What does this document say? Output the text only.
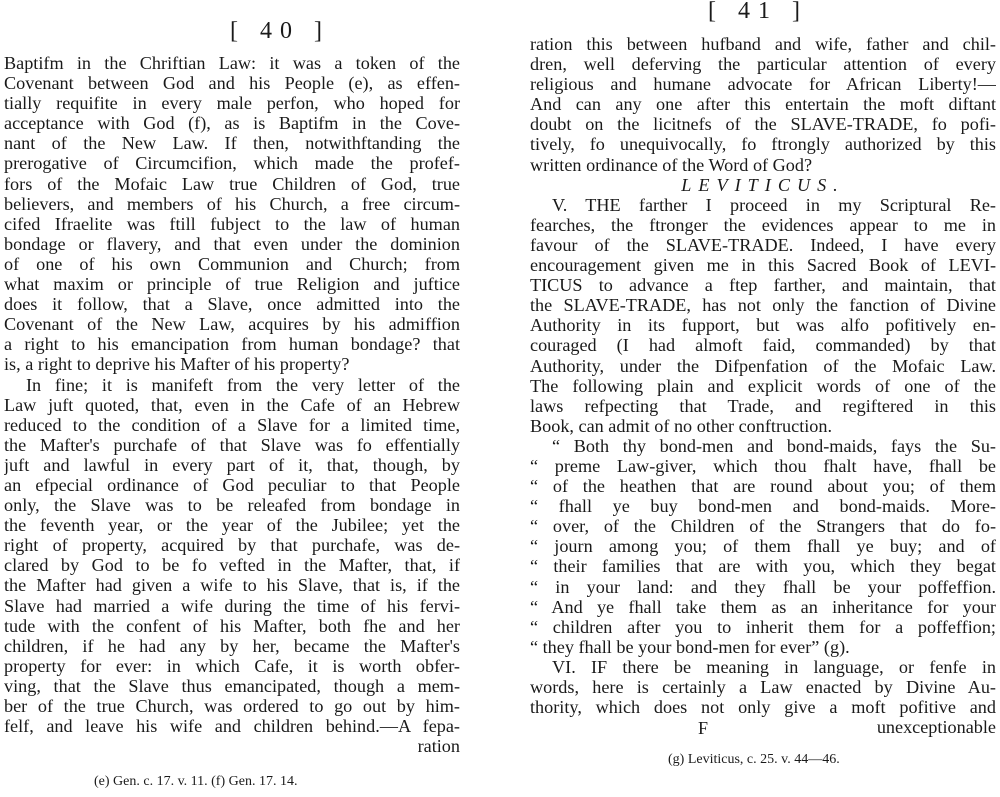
[ 40 ]
Baptifm in the Chriftian Law: it was a token of the
Covenant between God and his People (e), as effen-
tially requifite in every male perfon, who hoped for
acceptance with God (f), as is Baptifm in the Cove-
nant of the New Law. If then, notwithftanding the
prerogative of Circumcifion, which made the profef-
fors of the Mofaic Law true Children of God, true
believers, and members of his Church, a free circum-
cifed Ifraelite was ftill fubject to the law of human
bondage or flavery, and that even under the dominion
of one of his own Communion and Church; from
what maxim or principle of true Religion and juftice
does it follow, that a Slave, once admitted into the
Covenant of the New Law, acquires by his admiffion
a right to his emancipation from human bondage? that
is, a right to deprive his Mafter of his property?
In fine; it is manifeft from the very letter of the
Law juft quoted, that, even in the Cafe of an Hebrew
reduced to the condition of a Slave for a limited time,
the Mafter's purchafe of that Slave was fo effentially
juft and lawful in every part of it, that, though, by
an efpecial ordinance of God peculiar to that People
only, the Slave was to be releafed from bondage in
the feventh year, or the year of the Jubilee; yet the
right of property, acquired by that purchafe, was de-
clared by God to be fo vefted in the Mafter, that, if
the Mafter had given a wife to his Slave, that is, if the
Slave had married a wife during the time of his fervi-
tude with the confent of his Mafter, both fhe and her
children, if he had any by her, became the Mafter's
property for ever: in which Cafe, it is worth obfer-
ving, that the Slave thus emancipated, though a mem-
ber of the true Church, was ordered to go out by him-
felf, and leave his wife and children behind.—A fepa-
ration
(e) Gen. c. 17. v. 11. (f) Gen. 17. 14.
[ 41 ]
ration this between hufband and wife, father and chil-
dren, well deferving the particular attention of every
religious and humane advocate for African Liberty!—
And can any one after this entertain the moft diftant
doubt on the licitnefs of the SLAVE-TRADE, fo pofi-
tively, fo unequivocally, fo ftrongly authorized by this
written ordinance of the Word of God?
LEVITICUS.
V. THE farther I proceed in my Scriptural Re-
fearches, the ftronger the evidences appear to me in
favour of the SLAVE-TRADE. Indeed, I have every
encouragement given me in this Sacred Book of LEVI-
TICUS to advance a ftep farther, and maintain, that
the SLAVE-TRADE, has not only the fanction of Divine
Authority in its fupport, but was alfo pofitively en-
couraged (I had almoft faid, commanded) by that
Authority, under the Difpenfation of the Mofaic Law.
The following plain and explicit words of one of the
laws refpecting that Trade, and regiftered in this
Book, can admit of no other conftruction.
“ Both thy bond-men and bond-maids, fays the Su-
“ preme Law-giver, which thou fhalt have, fhall be
“ of the heathen that are round about you; of them
“ fhall ye buy bond-men and bond-maids. More-
“ over, of the Children of the Strangers that do fo-
“ journ among you; of them fhall ye buy; and of
“ their families that are with you, which they begat
“ in your land: and they fhall be your poffeffion.
“ And ye fhall take them as an inheritance for your
“ children after you to inherit them for a poffeffion;
“ they fhall be your bond-men for ever” (g).
VI. IF there be meaning in language, or fenfe in
words, here is certainly a Law enacted by Divine Au-
thority, which does not only give a moft pofitive and
unexceptionable
F
(g) Leviticus, c. 25. v. 44—46.
